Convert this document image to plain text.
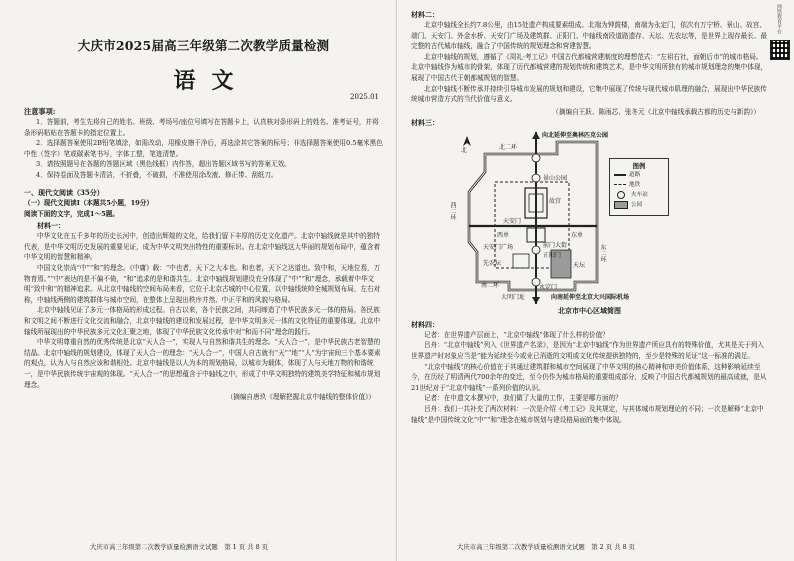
大庆市2025届高三年级第二次教学质量检测
语文
2025.01
注意事项:

1．答题前，考生先将自己的姓名、班级、考场号/座位号填写在答题卡上，认真核对条形码上的姓名、准考证号，并将条形码粘贴在答题卡的指定位置上。

2．选择题答案使用2B铅笔填涂，如需改动，用橡皮擦干净后，再选涂其它答案的标号；非选择题答案使用0.5毫米黑色中性（签字）笔或碳素笔书写，字体工整，笔迹清楚。

3．请按照题号在各题的答题区域（黑色线框）内作答，超出答题区域书写的答案无效。

4．保持卷面及答题卡清洁，不折叠，不破损，不准使用涂改液、修正带、刮纸刀。

一、现代文阅读（35分）
（一）现代文阅读Ⅰ（本题共5小题，19分）
阅读下面的文字，完成1～5题。
材料一：

中华文化在五千多年的历史长河中，创造出辉煌的文化，给我们留下丰厚的历史文化遗产。北京中轴线就是其中的独特代表，是中华文明历史发展的重要见证，成为中华文明突出特性的重要标识。在北京中轴线这大华丽的规划布局中，蕴含着中华文明的智慧和精神。

中国文化崇尚“中”“和”的理念。《中庸》载：“中也者，天下之大本也。和也者，天下之达道也。致中和，天地位焉，万物育焉。”“中”表达的是不偏不倚，“和”追求的是和谐共生。北京中轴线规划建设充分体现了“中”“和”理念，承载着中华文明“致中和”的精神追求。从北京中轴线的空间布局来看，它位于北京古城的中心位置，以中轴线统帅全城规划布局，左右对称，中轴线两侧的建筑群体与城市空间，在整体上呈现出秩序井然、中正平和的风貌与格局。

北京中轴线见证了多元一体格局的形成过程。自古以来，各个民族之间，共同缔造了中华民族多元一体的格局。各民族和文明之间不断进行文化交流和融合，北京中轴线的建设和发展过程，是中华文明多元一体的文化特征的重要体现。北京中轴线所展现出的中华民族多元文化汇聚之地，体现了中华民族文化传承中对“和而不同”理念的践行。

中华文明尊重自然的优秀传统是北京“天人合一”，实现人与自然和谐共生的理念。“天人合一”，是中华民族古老智慧的结晶。北京中轴线的规划建设，体现了天人合一的理念：“天人合一”，中国人自古就有“天”“地”“人”为宇宙间三个基本要素的观点，认为人与自然应该和谐相处。北京中轴线是以人为本的规划格局，以城市为载体，体现了人与天地万物的和谐统一，是中华民族传统宇宙观的体现。“天人合一”的思想蕴含于中轴线之中，形成了中华文明独特的建筑美学特征和城市规划理念。

（摘编自唐玖《理解把握北京中轴线的整体价值》）
大庆市高三年级第二次教学质量检测语文试题　第 1 页 共 8 页
网络教育平台
材料二：

北京中轴线全长约7.8公里，由15处遗产构成要素组成。北端为钟鼓楼，南端为永定门，依次有万宁桥、景山、故宫、端门、天安门、外金水桥、天安门广场及建筑群、正阳门、中轴线南段道路遗存、天坛、先农坛等，是世界上现存最长、最完整的古代城市轴线，融合了中国传统的规划理念和营建智慧。

北京中轴线的规划，遵循了《周礼·考工记》中国古代都城营建制度的理想范式：“左祖右社，面朝后市”的城市格局。北京中轴线作为城市的骨架，体现了历代都城营建的规划传统和建筑艺术，是中华文明所独有的城市规划理念的集中体现，展现了中国古代王朝都城规划的智慧。

北京中轴线不断传承并持续引导城市发展的规划和建设，它集中展现了传统与现代城市肌理的融合，展现出中华民族传统城市营造方式的当代价值与意义。

（摘编自王跃、陈雨芯、张冬元《北京中轴线承载古都的历史与新韵》）
材料三：
北
向北延伸至奥林匹克公园
北二环
西二环
东二环
南二环
向南延伸至北京大兴国际机场
景山公园
故宫
天安门
西单	东单
天安门广场	前门大街
天坛
先农坛
永定门
大明门址
正阳门
图例
道路
地铁
火车站
公园
北京市中心区域简图
材料四：

记者：在世界遗产层面上，“北京中轴线”体现了什么样的价值？

吕舟：“北京中轴线”列入《世界遗产名录》，是因为“北京中轴线”作为世界遗产所应具有的特殊价值，尤其是关于列入世界遗产时对象应当是“能为延续至今或业已消逝的文明或文化传统提供独特的，至少是特殊的见证”这一标准的满足。

“北京中轴线”的核心价值在于其通过建筑群和城市空间展现了中华文明的核心精神和审美价值体系，这种影响延续至今，在历经了明清两代700余年的变迁，至今仍作为城市格局的重要组成部分，反映了中国古代都城规划的最高成就，是从21世纪对于“北京中轴线”一系列价值的认识。

记者：在申遗文本撰写中，我们做了大量的工作，主要是哪方面的？

吕舟：我们一共补充了两次材料：一次是介绍《考工记》及其规定，与其体城市规划理论的不同；一次是解释“北京中轴线”是中国传统文化“中”“和”理念在城市规划与建设格局面的集中体现。

大庆市高三年级第二次教学质量检测语文试题　第 2 页 共 8 页
